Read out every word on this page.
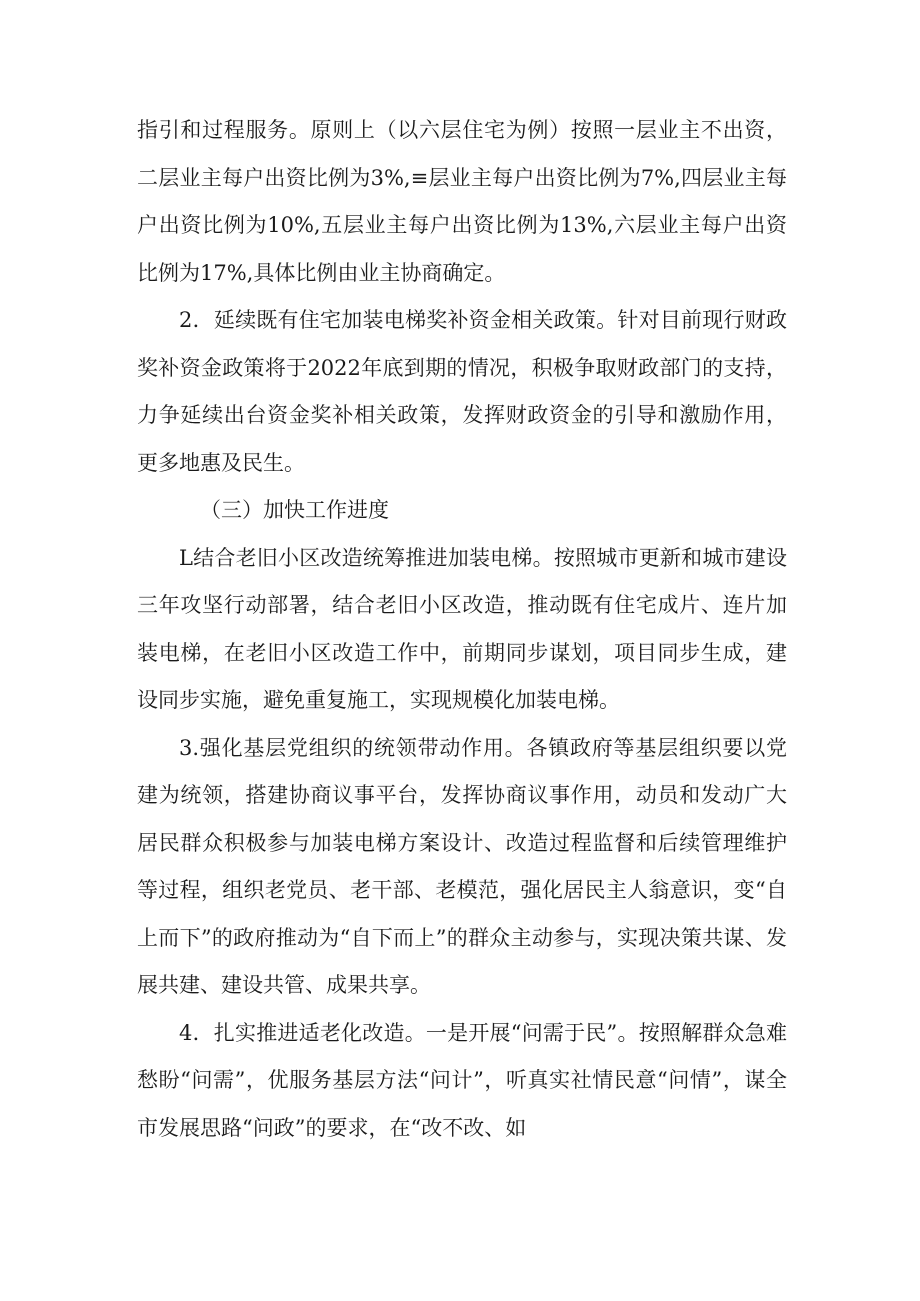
指引和过程服务。原则上（以六层住宅为例）按照一层业主不出资，二层业主每户出资比例为3%,≡层业主每户出资比例为7%,四层业主每户出资比例为10%,五层业主每户出资比例为13%,六层业主每户出资比例为17%,具体比例由业主协商确定。

2．延续既有住宅加装电梯奖补资金相关政策。针对目前现行财政奖补资金政策将于2022年底到期的情况，积极争取财政部门的支持，力争延续出台资金奖补相关政策，发挥财政资金的引导和激励作用，更多地惠及民生。

（三）加快工作进度

L结合老旧小区改造统筹推进加装电梯。按照城市更新和城市建设三年攻坚行动部署，结合老旧小区改造，推动既有住宅成片、连片加装电梯，在老旧小区改造工作中，前期同步谋划，项目同步生成，建设同步实施，避免重复施工，实现规模化加装电梯。

3.强化基层党组织的统领带动作用。各镇政府等基层组织要以党建为统领，搭建协商议事平台，发挥协商议事作用，动员和发动广大居民群众积极参与加装电梯方案设计、改造过程监督和后续管理维护等过程，组织老党员、老干部、老模范，强化居民主人翁意识，变“自上而下”的政府推动为“自下而上”的群众主动参与，实现决策共谋、发展共建、建设共管、成果共享。

4．扎实推进适老化改造。一是开展“问需于民”。按照解群众急难愁盼“问需”，优服务基层方法“问计”，听真实社情民意“问情”，谋全市发展思路“问政”的要求，在“改不改、如
